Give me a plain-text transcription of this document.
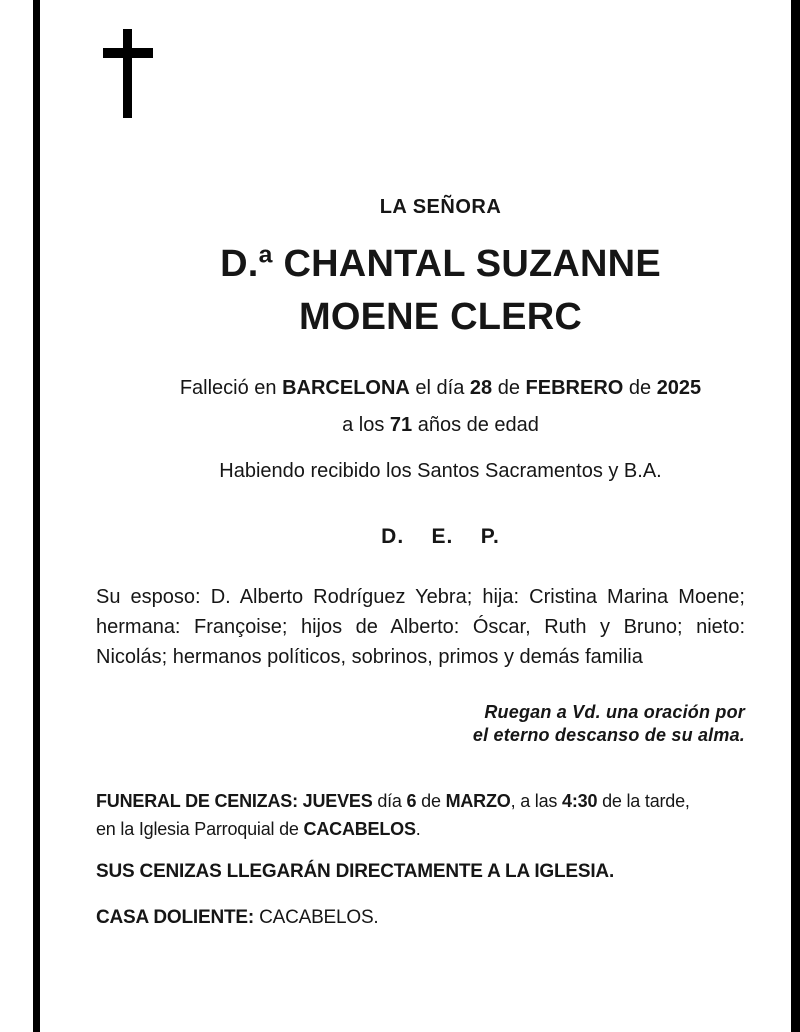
LA SEÑORA
D.ª CHANTAL SUZANNE
MOENE CLERC
Falleció en BARCELONA el día 28 de FEBRERO de 2025
a los 71 años de edad
Habiendo recibido los Santos Sacramentos y B.A.
D.    E.    P.
Su esposo: D. Alberto Rodríguez Yebra; hija: Cristina Marina Moene; hermana: Françoise; hijos de Alberto: Óscar, Ruth y Bruno; nieto: Nicolás; hermanos políticos, sobrinos, primos y demás familia
Ruegan a Vd. una oración por
el eterno descanso de su alma.
FUNERAL DE CENIZAS: JUEVES día 6 de MARZO, a las 4:30 de la tarde,
en la Iglesia Parroquial de CACABELOS.
SUS CENIZAS LLEGARÁN DIRECTAMENTE A LA IGLESIA.
CASA DOLIENTE: CACABELOS.
